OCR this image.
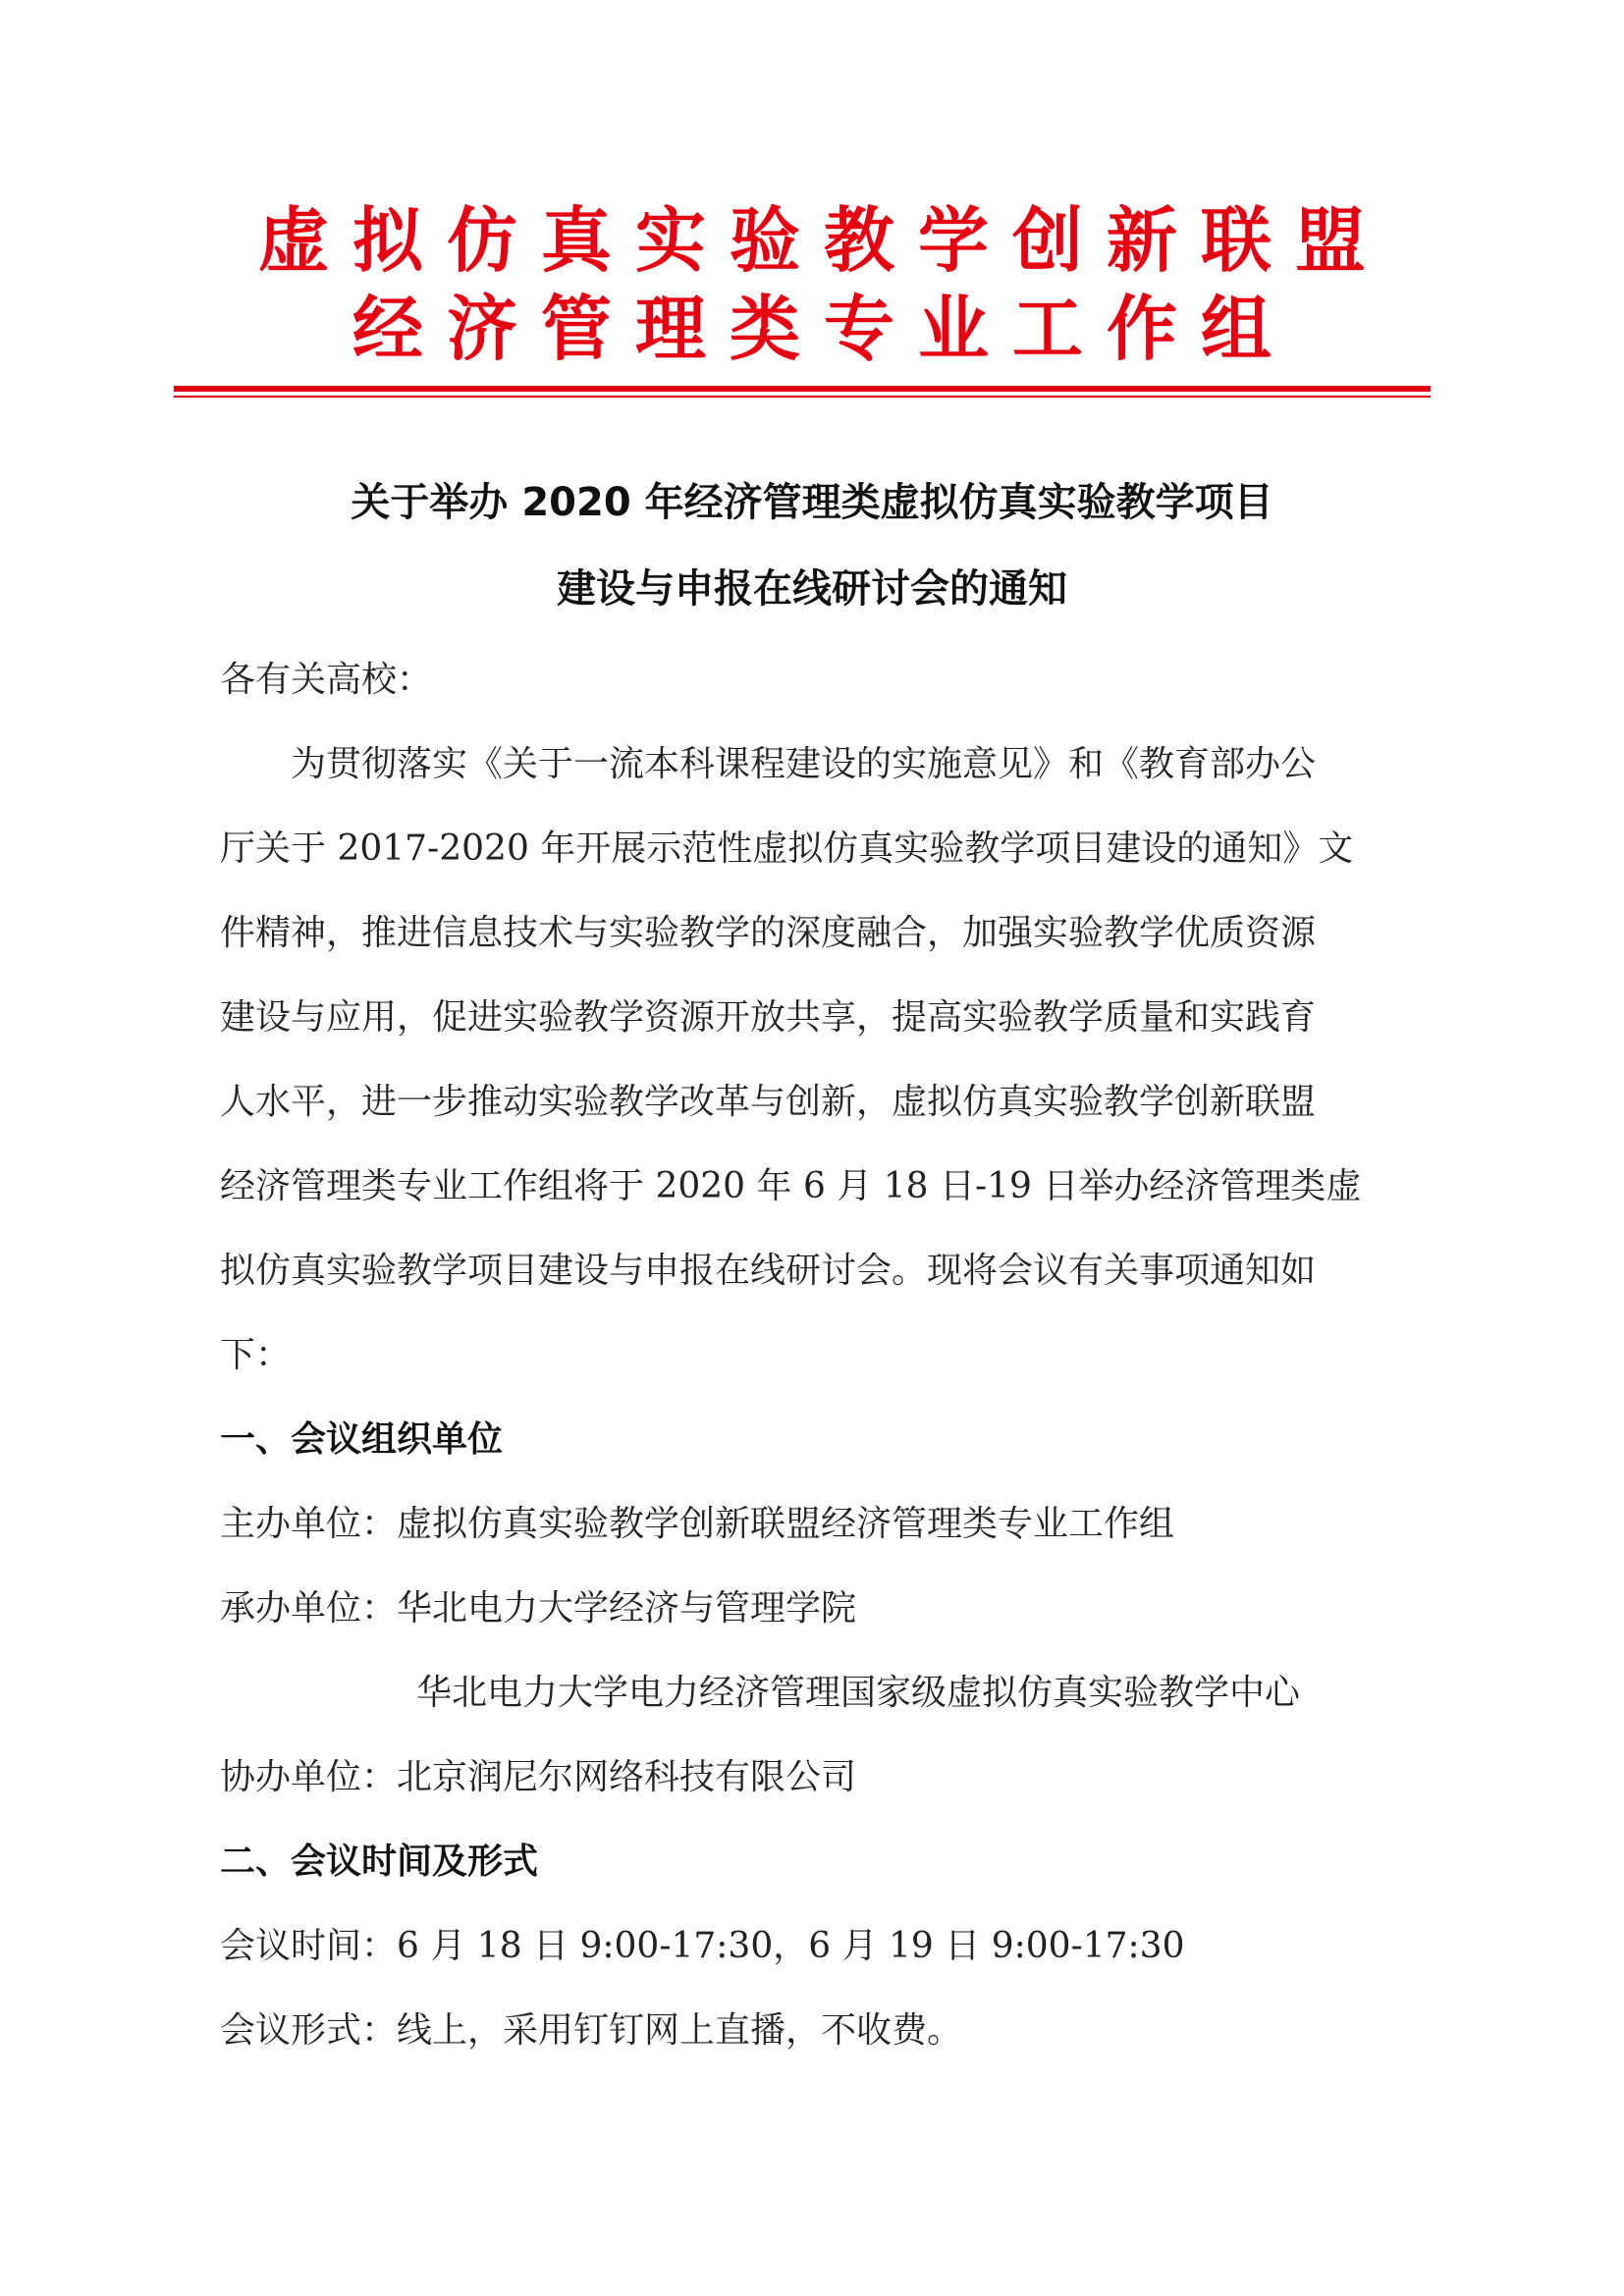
虚拟仿真实验教学创新联盟
经济管理类专业工作组
关于举办 2020 年经济管理类虚拟仿真实验教学项目
建设与申报在线研讨会的通知

各有关高校：

为贯彻落实《关于一流本科课程建设的实施意见》和《教育部办公

厅关于 2017-2020 年开展示范性虚拟仿真实验教学项目建设的通知》文

件精神，推进信息技术与实验教学的深度融合，加强实验教学优质资源

建设与应用，促进实验教学资源开放共享，提高实验教学质量和实践育

人水平，进一步推动实验教学改革与创新，虚拟仿真实验教学创新联盟

经济管理类专业工作组将于 2020 年 6 月 18 日-19 日举办经济管理类虚

拟仿真实验教学项目建设与申报在线研讨会。现将会议有关事项通知如

下：

一、会议组织单位

主办单位：虚拟仿真实验教学创新联盟经济管理类专业工作组

承办单位：华北电力大学经济与管理学院

华北电力大学电力经济管理国家级虚拟仿真实验教学中心

协办单位：北京润尼尔网络科技有限公司

二、会议时间及形式

会议时间：6 月 18 日 9:00-17:30，6 月 19 日 9:00-17:30

会议形式：线上，采用钉钉网上直播，不收费。
